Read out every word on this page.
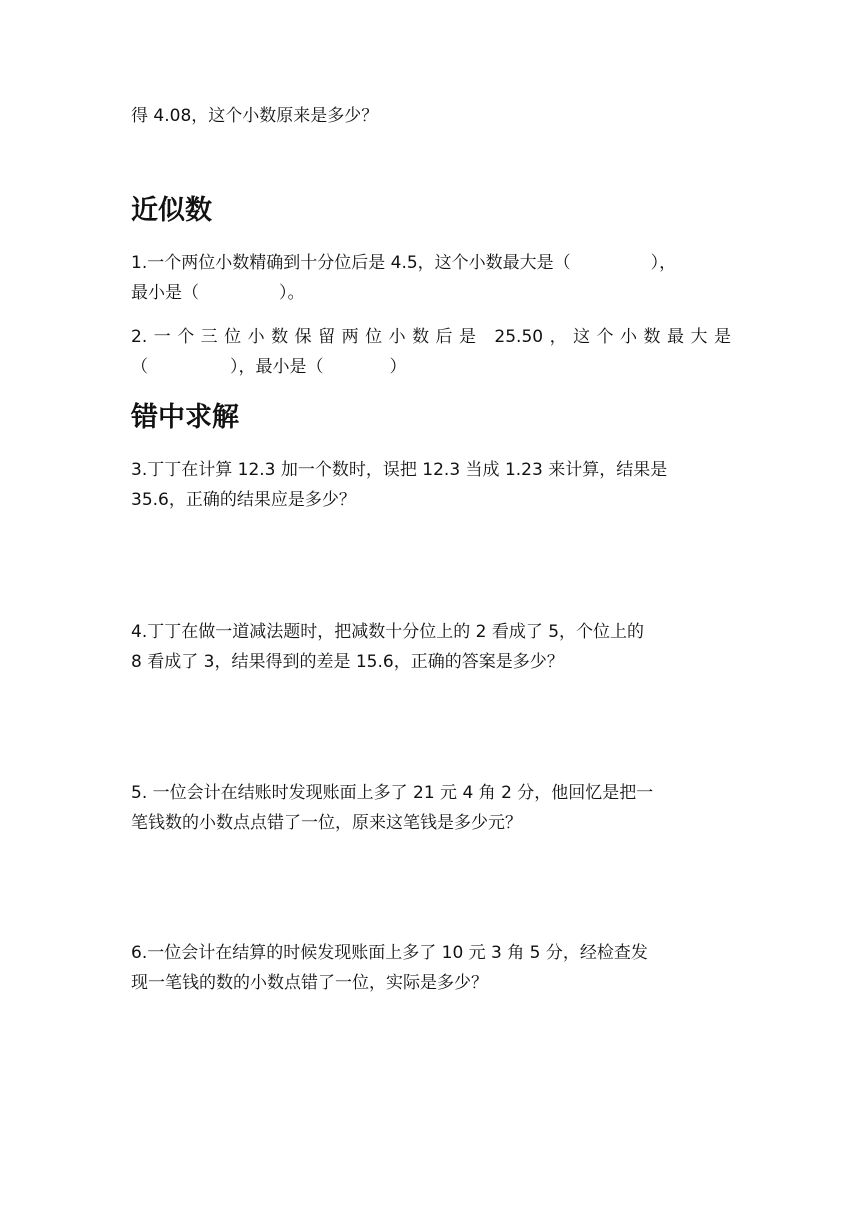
得 4.08，这个小数原来是多少？
近似数
1.一个两位小数精确到十分位后是 4.5，这个小数最大是（	），
最小是（	）。
2.一个三位小数保留两位小数后是 25.50，这个小数最大是
（	），最小是（	）
错中求解
3.丁丁在计算 12.3 加一个数时，误把 12.3 当成 1.23 来计算，结果是
35.6，正确的结果应是多少？
4.丁丁在做一道减法题时，把减数十分位上的 2 看成了 5，个位上的
8 看成了 3，结果得到的差是 15.6，正确的答案是多少？
5. 一位会计在结账时发现账面上多了 21 元 4 角 2 分，他回忆是把一
笔钱数的小数点点错了一位，原来这笔钱是多少元？
6.一位会计在结算的时候发现账面上多了 10 元 3 角 5 分，经检查发
现一笔钱的数的小数点错了一位，实际是多少？
